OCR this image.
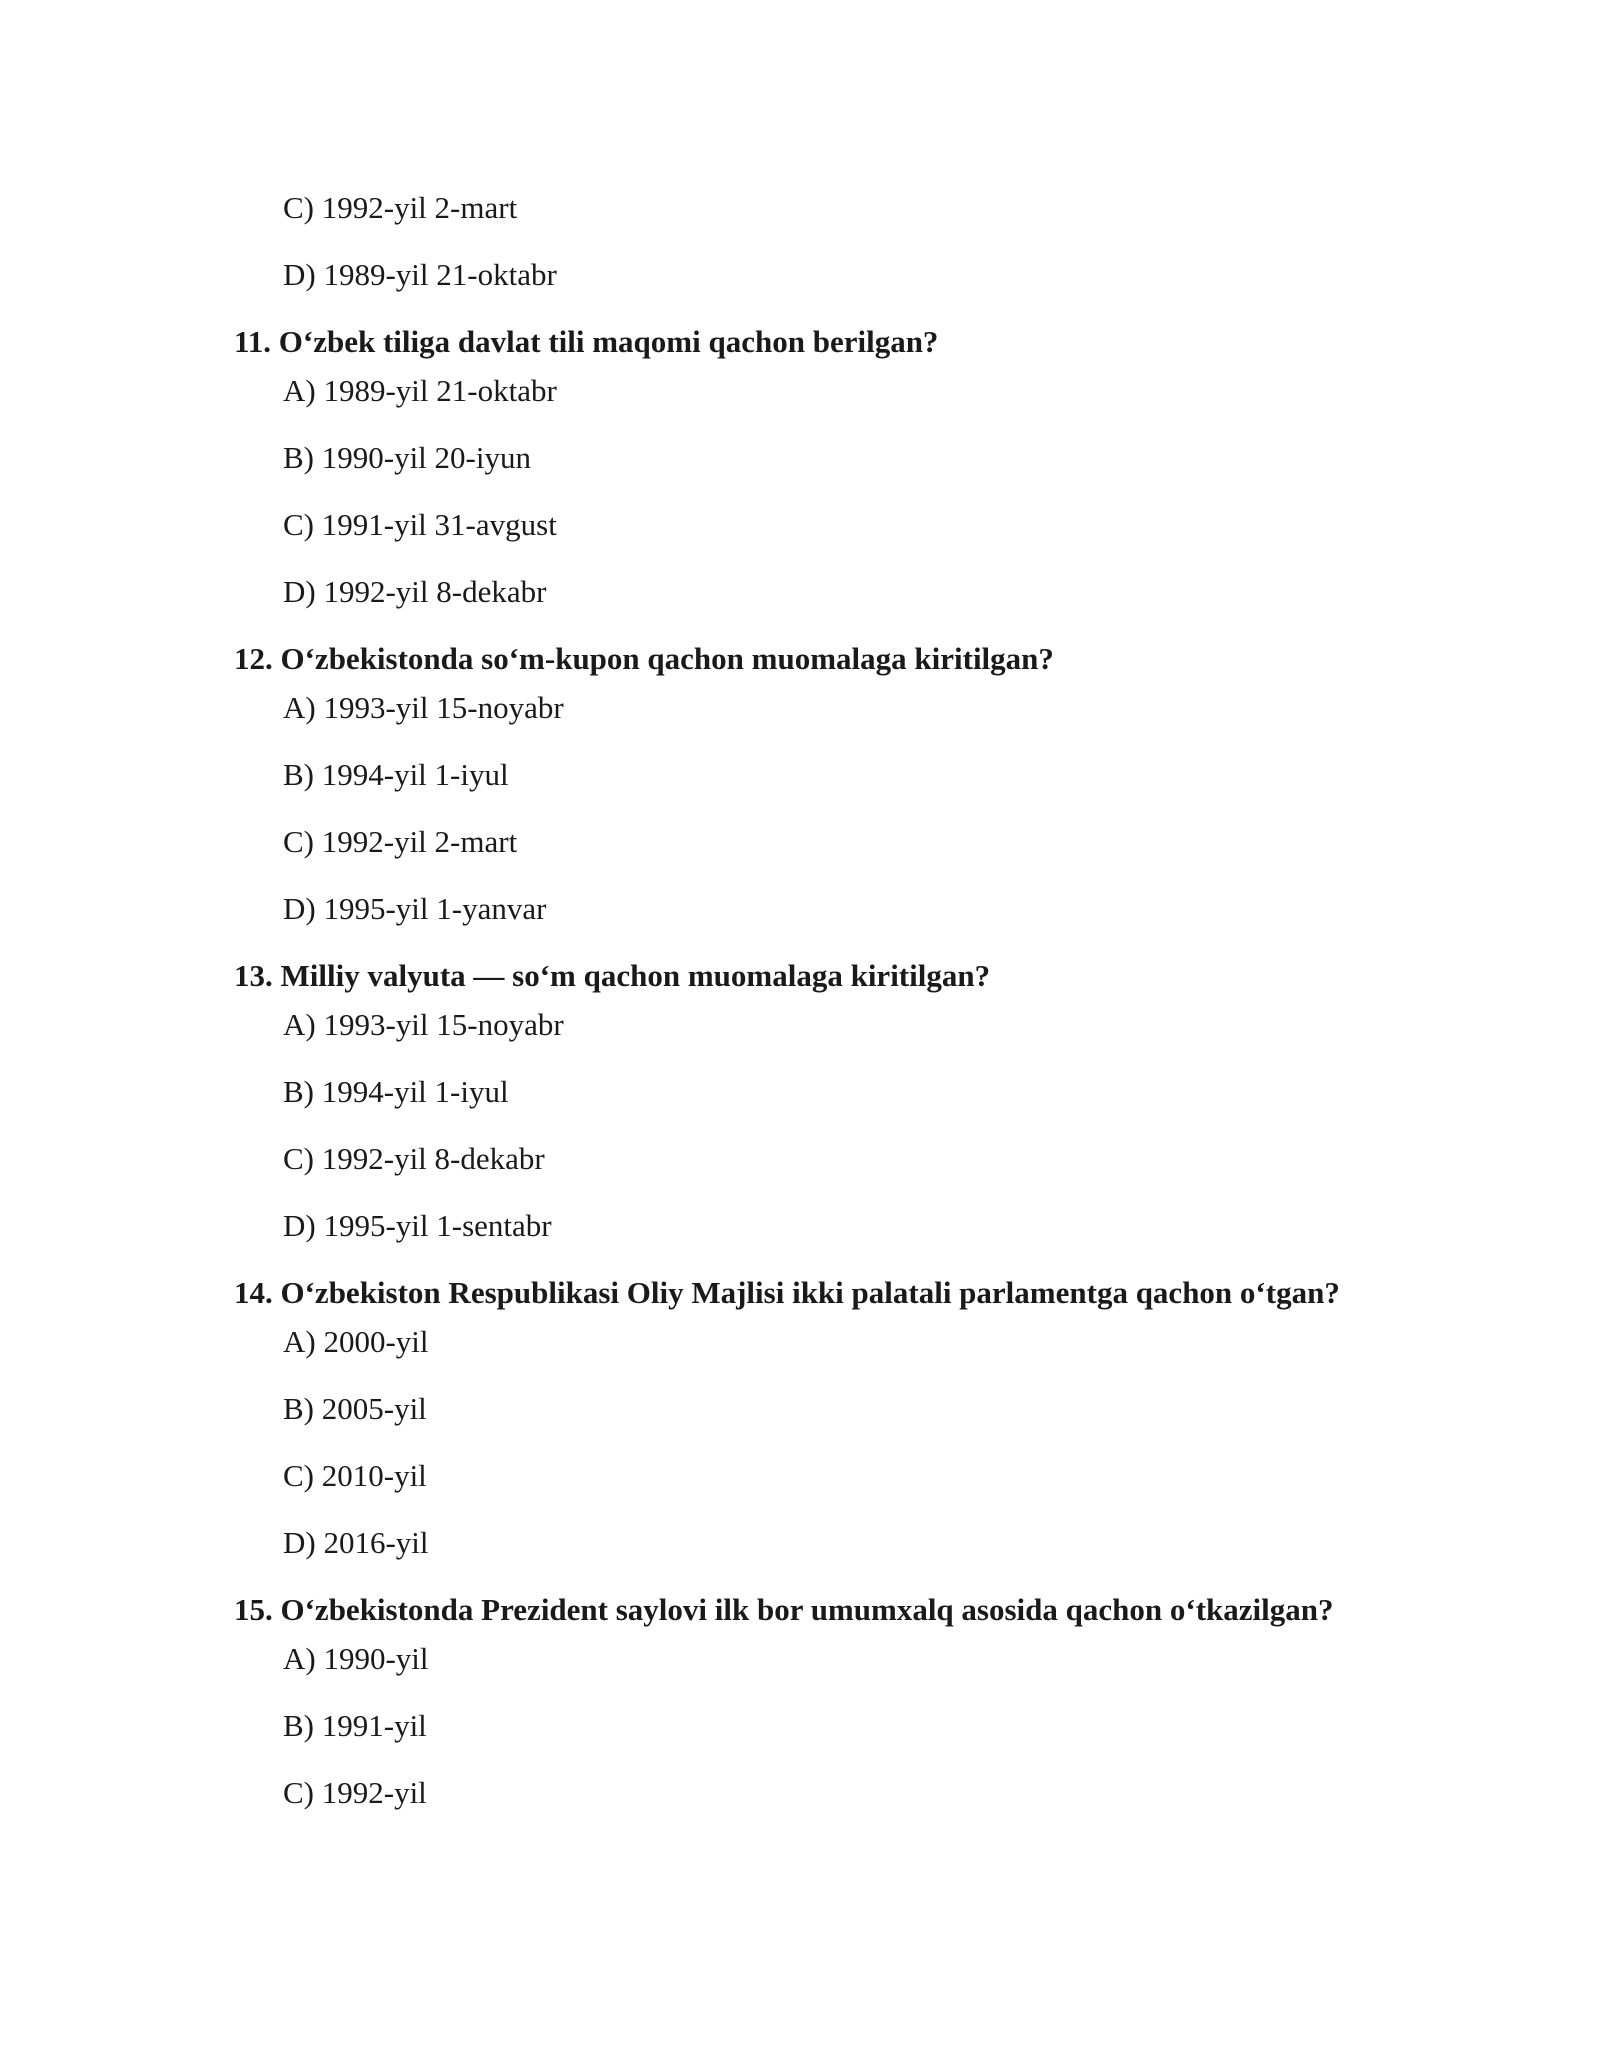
C) 1992-yil 2-mart
D) 1989-yil 21-oktabr
11. O‘zbek tiliga davlat tili maqomi qachon berilgan?
A) 1989-yil 21-oktabr
B) 1990-yil 20-iyun
C) 1991-yil 31-avgust
D) 1992-yil 8-dekabr
12. O‘zbekistonda so‘m-kupon qachon muomalaga kiritilgan?
A) 1993-yil 15-noyabr
B) 1994-yil 1-iyul
C) 1992-yil 2-mart
D) 1995-yil 1-yanvar
13. Milliy valyuta — so‘m qachon muomalaga kiritilgan?
A) 1993-yil 15-noyabr
B) 1994-yil 1-iyul
C) 1992-yil 8-dekabr
D) 1995-yil 1-sentabr
14. O‘zbekiston Respublikasi Oliy Majlisi ikki palatali parlamentga qachon o‘tgan?
A) 2000-yil
B) 2005-yil
C) 2010-yil
D) 2016-yil
15. O‘zbekistonda Prezident saylovi ilk bor umumxalq asosida qachon o‘tkazilgan?
A) 1990-yil
B) 1991-yil
C) 1992-yil
